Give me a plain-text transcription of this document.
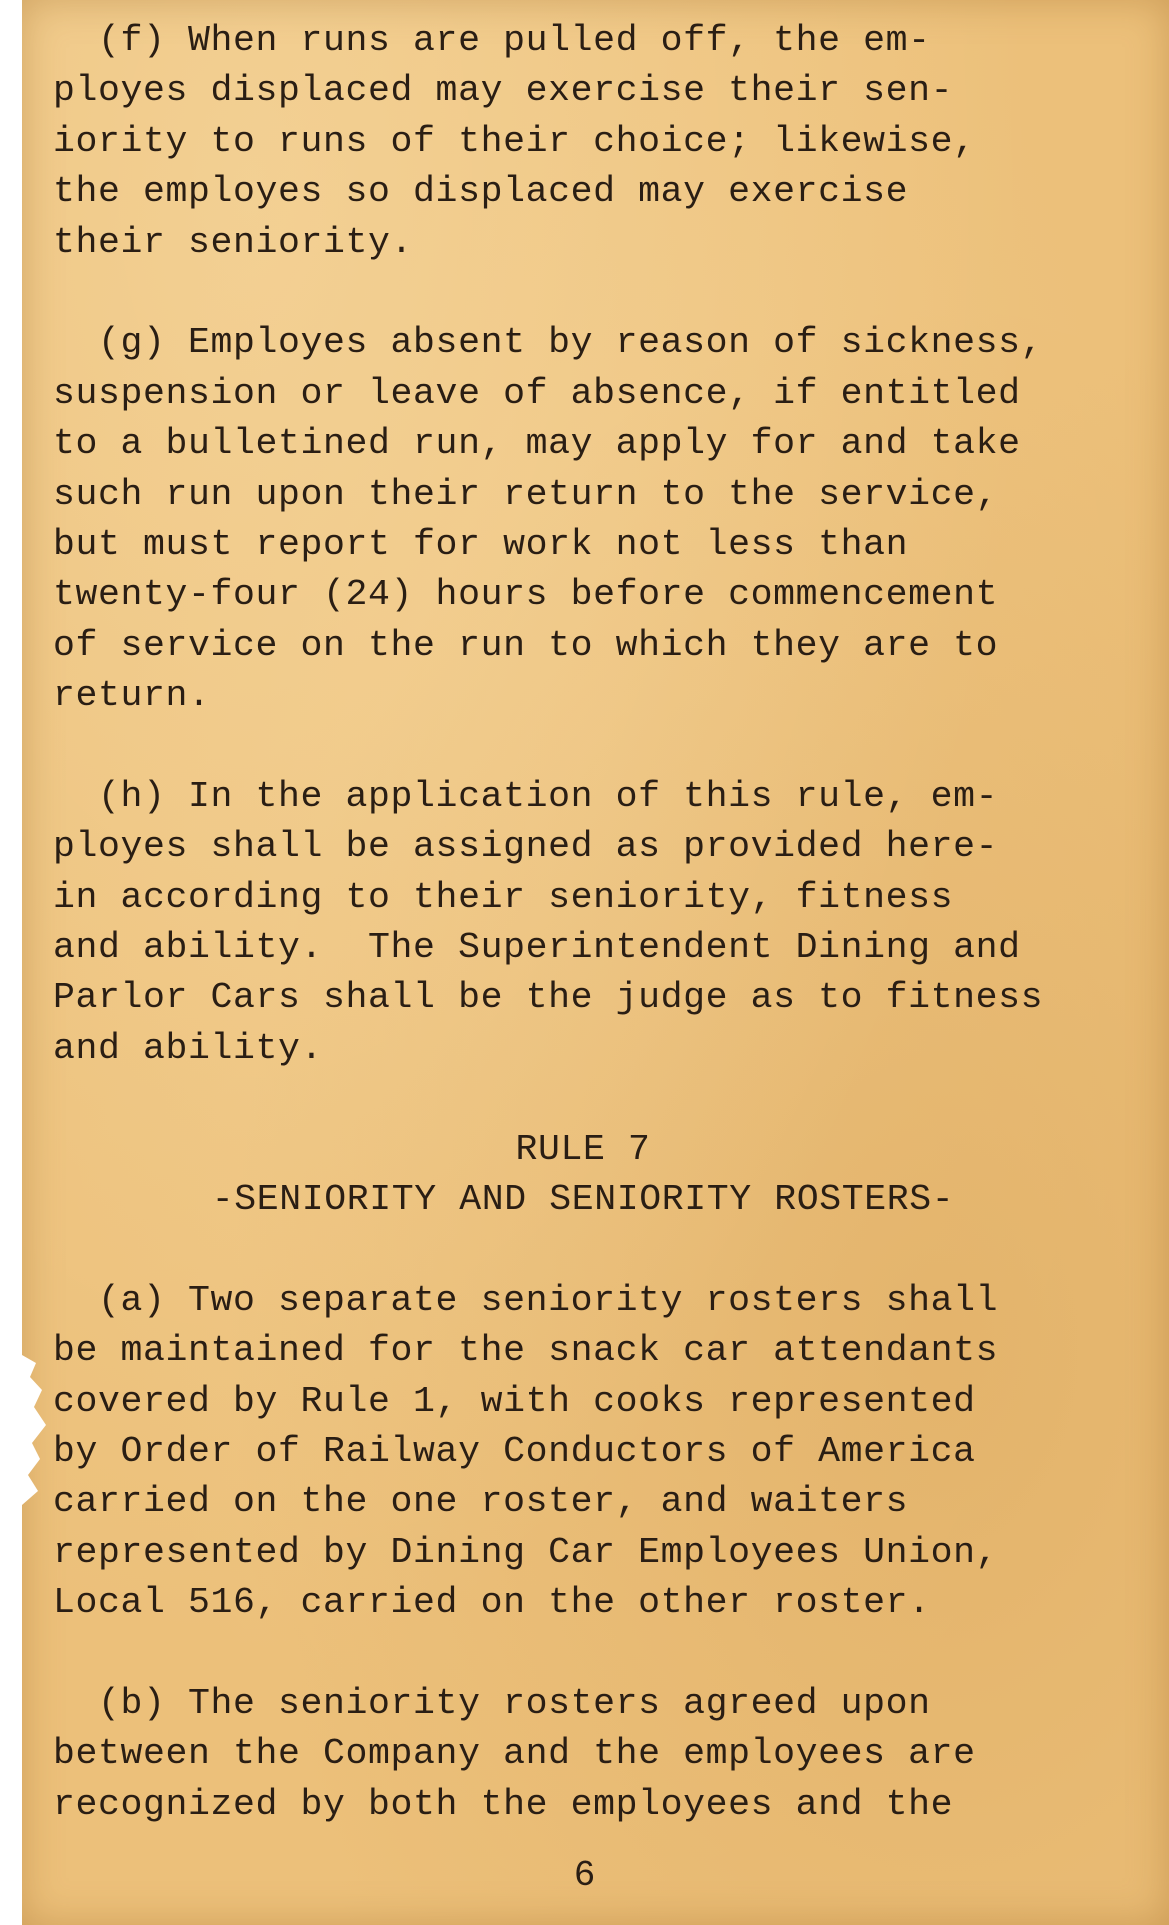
(f) When runs are pulled off, the em-
ployes displaced may exercise their sen-
iority to runs of their choice; likewise,
the employes so displaced may exercise
their seniority.
(g) Employes absent by reason of sickness,
suspension or leave of absence, if entitled
to a bulletined run, may apply for and take
such run upon their return to the service,
but must report for work not less than
twenty-four (24) hours before commencement
of service on the run to which they are to
return.
(h) In the application of this rule, em-
ployes shall be assigned as provided here-
in according to their seniority, fitness
and ability.  The Superintendent Dining and
Parlor Cars shall be the judge as to fitness
and ability.
RULE 7
-SENIORITY AND SENIORITY ROSTERS-
(a) Two separate seniority rosters shall
be maintained for the snack car attendants
covered by Rule 1, with cooks represented
by Order of Railway Conductors of America
carried on the one roster, and waiters
represented by Dining Car Employees Union,
Local 516, carried on the other roster.
(b) The seniority rosters agreed upon
between the Company and the employees are
recognized by both the employees and the
6
